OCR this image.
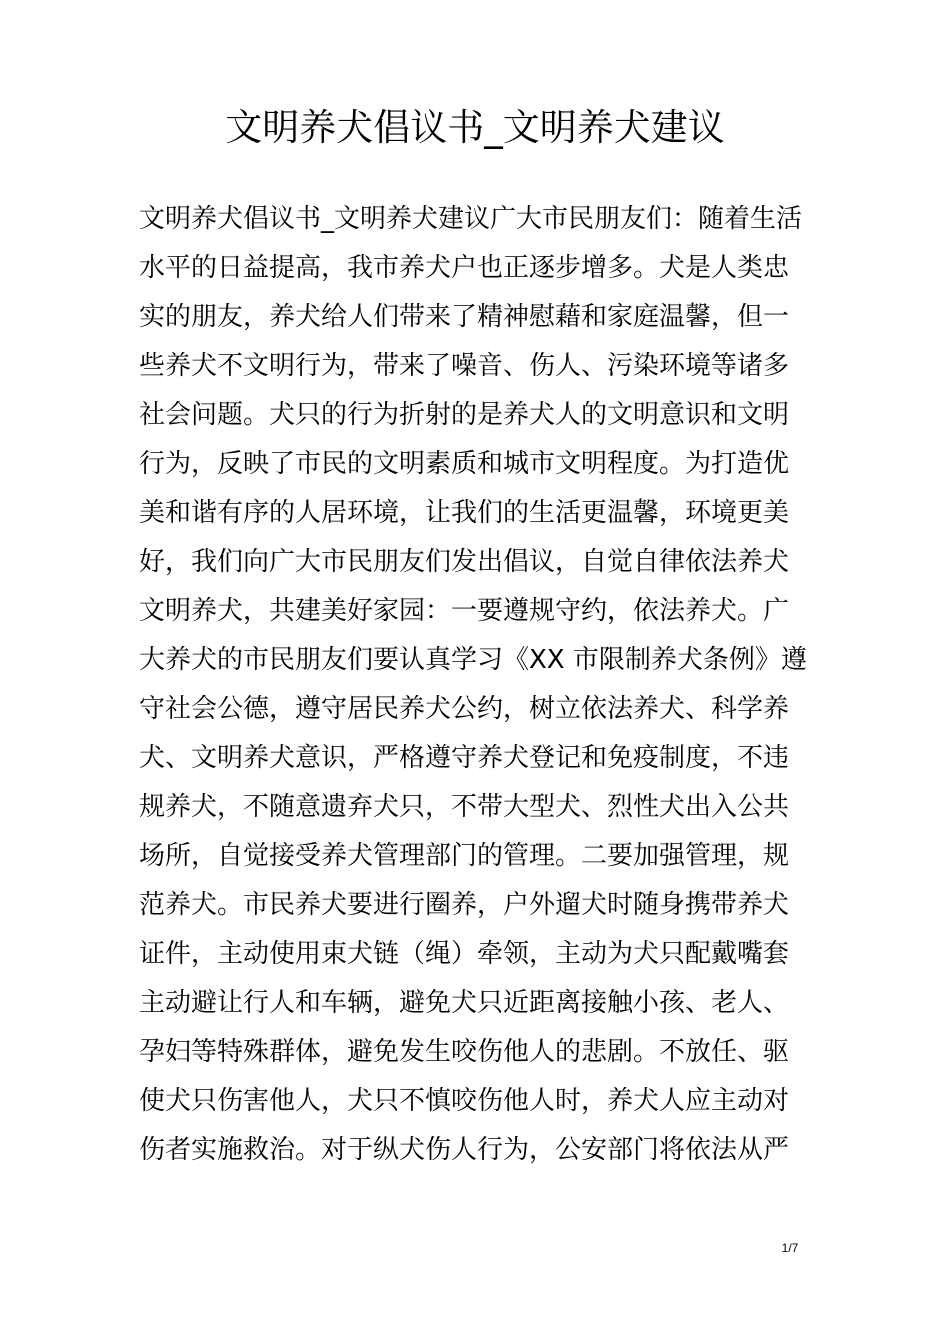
文明养犬倡议书_文明养犬建议
文明养犬倡议书_文明养犬建议广大市民朋友们：随着生活
水平的日益提高，我市养犬户也正逐步增多。犬是人类忠
实的朋友，养犬给人们带来了精神慰藉和家庭温馨，但一
些养犬不文明行为，带来了噪音、伤人、污染环境等诸多
社会问题。犬只的行为折射的是养犬人的文明意识和文明
行为，反映了市民的文明素质和城市文明程度。为打造优
美和谐有序的人居环境，让我们的生活更温馨，环境更美
好，我们向广大市民朋友们发出倡议，自觉自律依法养犬
文明养犬，共建美好家园：一要遵规守约，依法养犬。广
大养犬的市民朋友们要认真学习《XX 市限制养犬条例》遵
守社会公德，遵守居民养犬公约，树立依法养犬、科学养
犬、文明养犬意识，严格遵守养犬登记和免疫制度，不违
规养犬，不随意遗弃犬只，不带大型犬、烈性犬出入公共
场所，自觉接受养犬管理部门的管理。二要加强管理，规
范养犬。市民养犬要进行圈养，户外遛犬时随身携带养犬
证件，主动使用束犬链（绳）牵领，主动为犬只配戴嘴套
主动避让行人和车辆，避免犬只近距离接触小孩、老人、
孕妇等特殊群体，避免发生咬伤他人的悲剧。不放任、驱
使犬只伤害他人，犬只不慎咬伤他人时，养犬人应主动对
伤者实施救治。对于纵犬伤人行为，公安部门将依法从严
1/7
